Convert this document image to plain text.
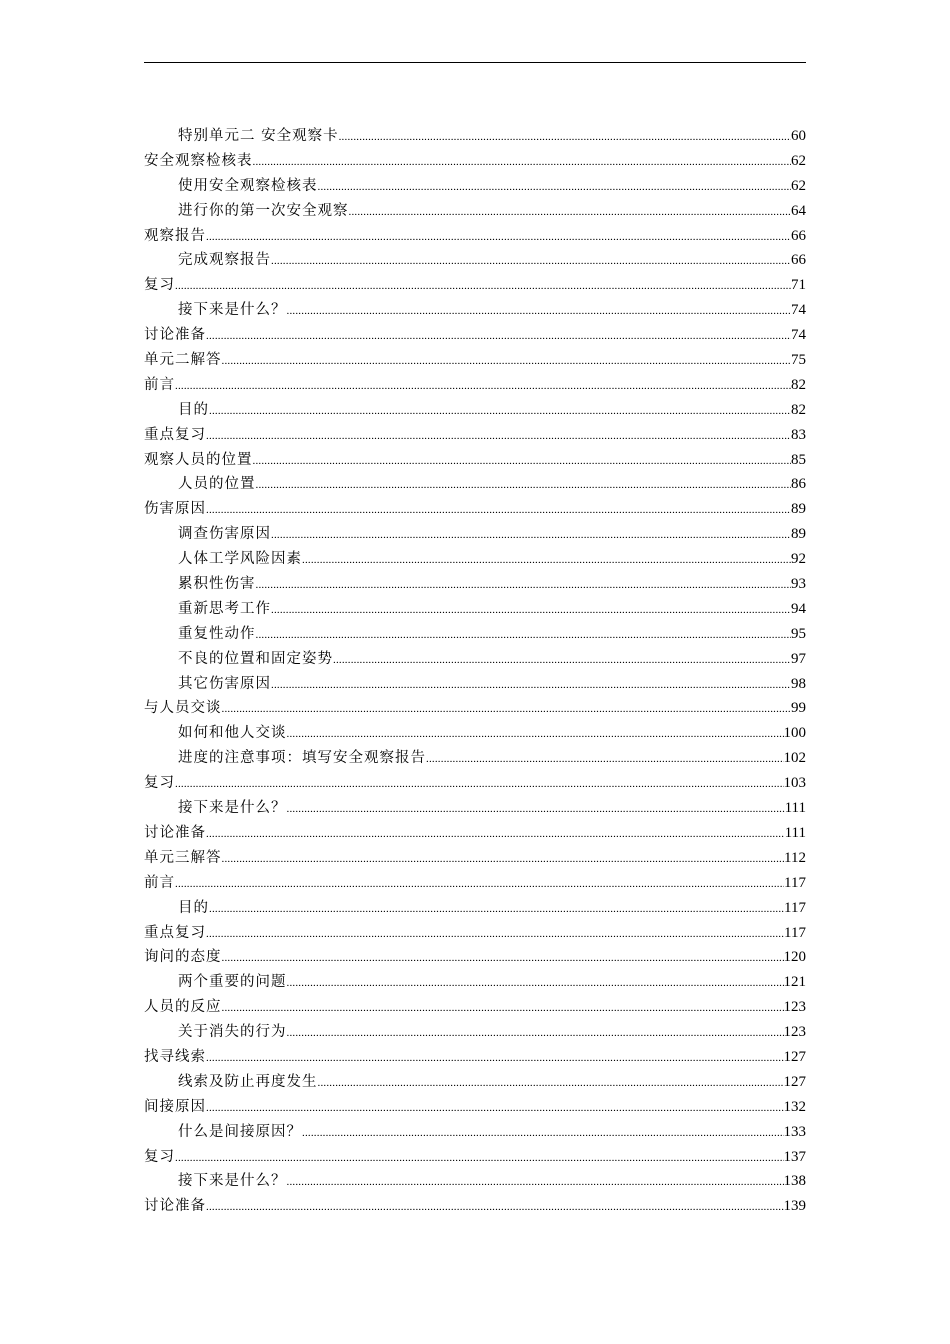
特别单元二 安全观察卡 .....	60
安全观察检核表 .....	62
使用安全观察检核表 .....	62
进行你的第一次安全观察 .....	64
观察报告 .....	66
完成观察报告 .....	66
复习 .....	71
接下来是什么？ .....	74
讨论准备 .....	74
单元二解答 .....	75
前言 .....	82
目的 .....	82
重点复习 .....	83
观察人员的位置 .....	85
人员的位置 .....	86
伤害原因 .....	89
调查伤害原因 .....	89
人体工学风险因素 .....	92
累积性伤害 .....	93
重新思考工作 .....	94
重复性动作 .....	95
不良的位置和固定姿势 .....	97
其它伤害原因 .....	98
与人员交谈 .....	99
如何和他人交谈 .....	100
进度的注意事项：填写安全观察报告 .....	102
复习 .....	103
接下来是什么？ .....	111
讨论准备 .....	111
单元三解答 .....	112
前言 .....	117
目的 .....	117
重点复习 .....	117
询问的态度 .....	120
两个重要的问题 .....	121
人员的反应 .....	123
关于消失的行为 .....	123
找寻线索 .....	127
线索及防止再度发生 .....	127
间接原因 .....	132
什么是间接原因？ .....	133
复习 .....	137
接下来是什么？ .....	138
讨论准备 .....	139
